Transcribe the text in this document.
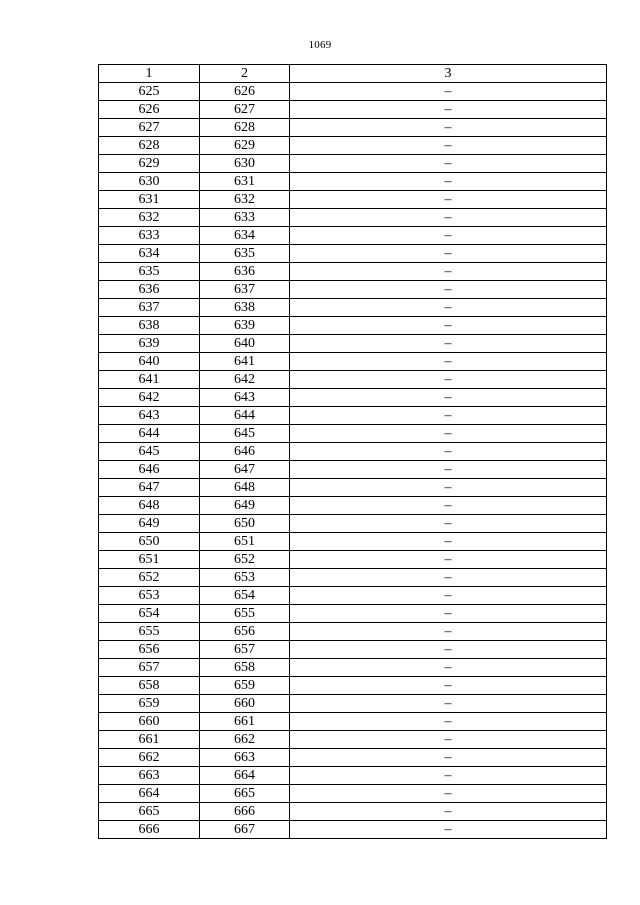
1069
1	2	3
625	626	–
626	627	–
627	628	–
628	629	–
629	630	–
630	631	–
631	632	–
632	633	–
633	634	–
634	635	–
635	636	–
636	637	–
637	638	–
638	639	–
639	640	–
640	641	–
641	642	–
642	643	–
643	644	–
644	645	–
645	646	–
646	647	–
647	648	–
648	649	–
649	650	–
650	651	–
651	652	–
652	653	–
653	654	–
654	655	–
655	656	–
656	657	–
657	658	–
658	659	–
659	660	–
660	661	–
661	662	–
662	663	–
663	664	–
664	665	–
665	666	–
666	667	–
